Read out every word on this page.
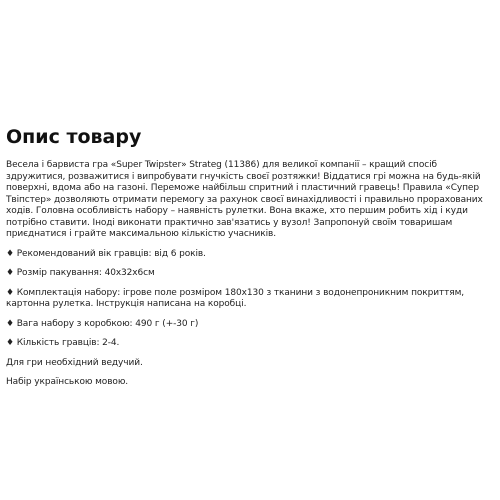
Опис товару

Весела і барвиста гра «Super Twipster» Strateg (11386) для великої компанії – кращий спосіб здружитися, розважитися і випробувати гнучкість своєї розтяжки! Віддатися грі можна на будь-якій поверхні, вдома або на газоні. Переможе найбільш спритний і пластичний гравець! Правила «Супер Твіпстер» дозволяють отримати перемогу за рахунок своєї винахідливості і правильно прорахованих ходів. Головна особливість набору – наявність рулетки. Вона вкаже, хто першим робить хід і куди потрібно ставити. Іноді виконати практично зав'язатись у вузол! Запропонуй своїм товаришам приєднатися і грайте максимальною кількістю учасників.

♦ Рекомендований вік гравців: від 6 років.

♦ Розмір пакування: 40х32х6см

♦ Комплектація набору: ігрове поле розміром 180х130 з тканини з водонепроникним покриттям, картонна рулетка. Інструкція написана на коробці.

♦ Вага набору з коробкою: 490 г (+-30 г)

♦ Кількість гравців: 2-4.

Для гри необхідний ведучий.

Набір українською мовою.
